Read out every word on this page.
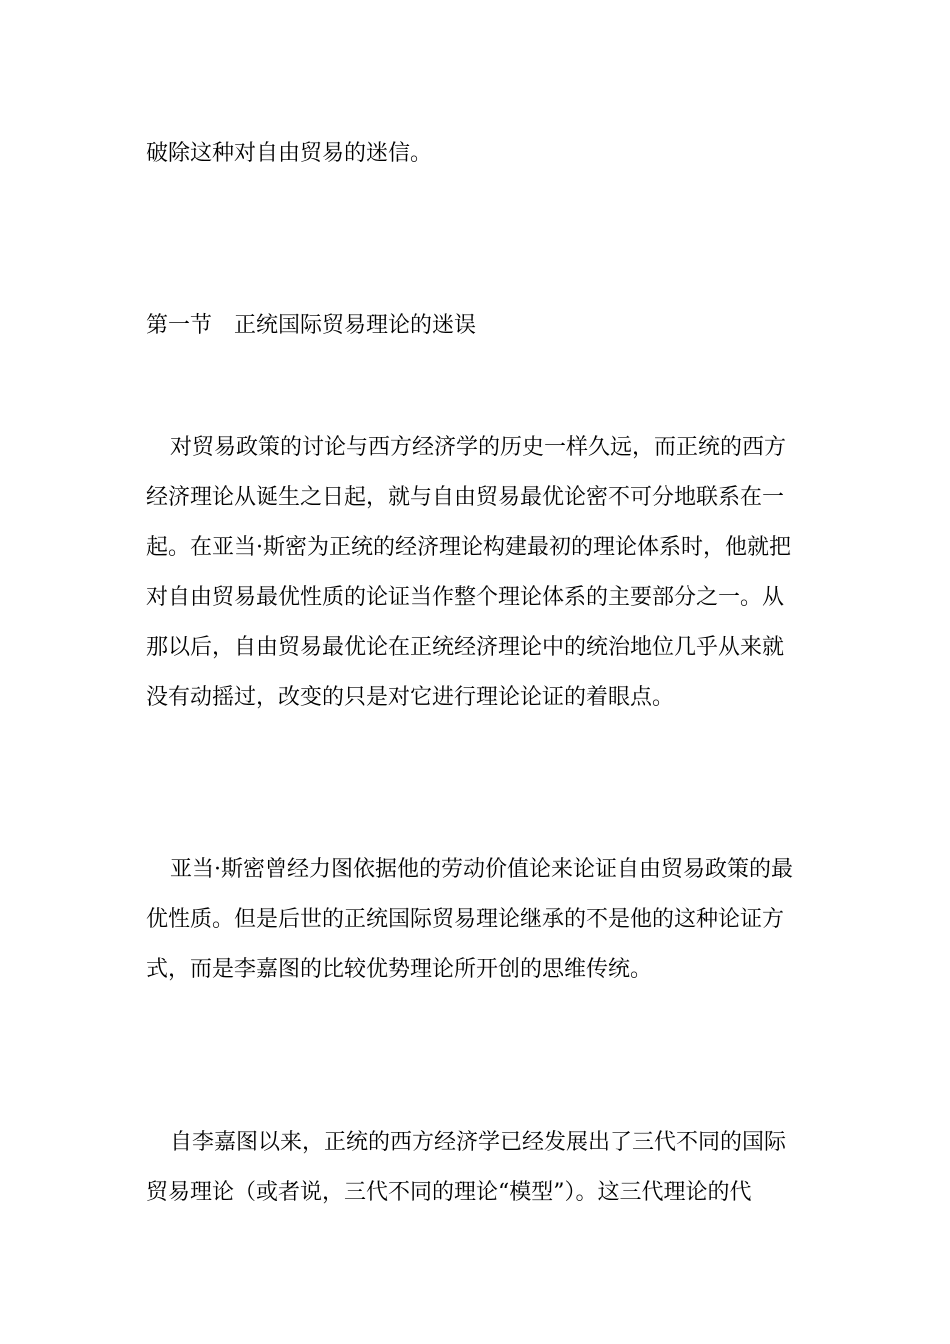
破除这种对自由贸易的迷信。

第一节 正统国际贸易理论的迷误

对贸易政策的讨论与西方经济学的历史一样久远，而正统的西方
经济理论从诞生之日起，就与自由贸易最优论密不可分地联系在一
起。在亚当·斯密为正统的经济理论构建最初的理论体系时，他就把
对自由贸易最优性质的论证当作整个理论体系的主要部分之一。从
那以后，自由贸易最优论在正统经济理论中的统治地位几乎从来就
没有动摇过，改变的只是对它进行理论论证的着眼点。

亚当·斯密曾经力图依据他的劳动价值论来论证自由贸易政策的最
优性质。但是后世的正统国际贸易理论继承的不是他的这种论证方
式，而是李嘉图的比较优势理论所开创的思维传统。

自李嘉图以来，正统的西方经济学已经发展出了三代不同的国际
贸易理论（或者说，三代不同的理论“模型”）。这三代理论的代
